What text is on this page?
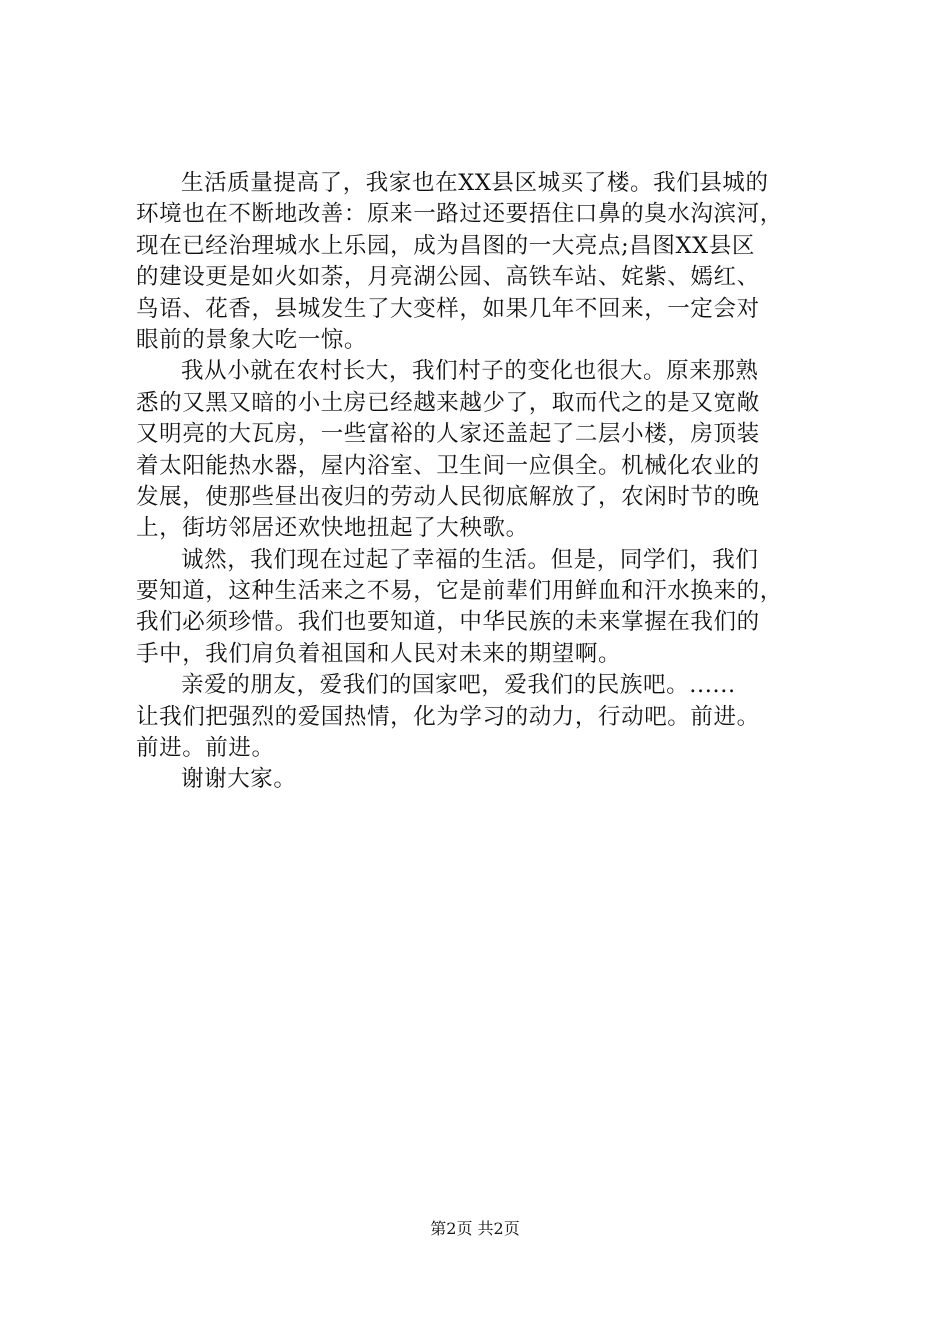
生活质量提高了，我家也在XX县区城买了楼。我们县城的
环境也在不断地改善：原来一路过还要捂住口鼻的臭水沟滨河，
现在已经治理城水上乐园，成为昌图的一大亮点;昌图XX县区
的建设更是如火如荼，月亮湖公园、高铁车站、姹紫、嫣红、
鸟语、花香，县城发生了大变样，如果几年不回来，一定会对
眼前的景象大吃一惊。
我从小就在农村长大，我们村子的变化也很大。原来那熟
悉的又黑又暗的小土房已经越来越少了，取而代之的是又宽敞
又明亮的大瓦房，一些富裕的人家还盖起了二层小楼，房顶装
着太阳能热水器，屋内浴室、卫生间一应俱全。机械化农业的
发展，使那些昼出夜归的劳动人民彻底解放了，农闲时节的晚
上，街坊邻居还欢快地扭起了大秧歌。
诚然，我们现在过起了幸福的生活。但是，同学们，我们
要知道，这种生活来之不易，它是前辈们用鲜血和汗水换来的，
我们必须珍惜。我们也要知道，中华民族的未来掌握在我们的
手中，我们肩负着祖国和人民对未来的期望啊。
亲爱的朋友，爱我们的国家吧，爱我们的民族吧。......
让我们把强烈的爱国热情，化为学习的动力，行动吧。前进。
前进。前进。
谢谢大家。
第2页 共2页
